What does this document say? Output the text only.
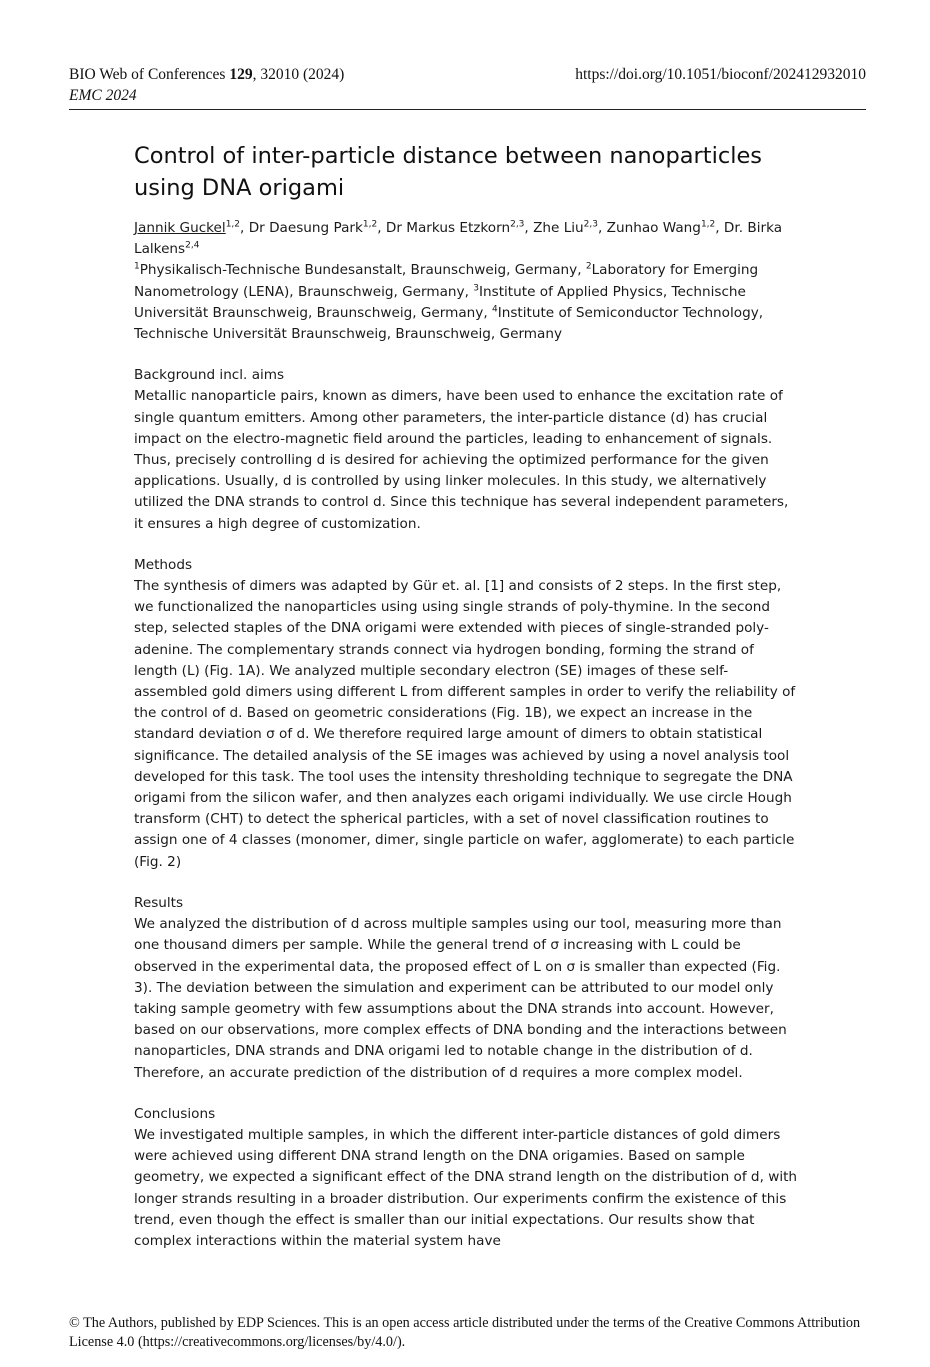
BIO Web of Conferences 129, 32010 (2024)	https://doi.org/10.1051/bioconf/202412932010
EMC 2024
Control of inter-particle distance between nanoparticles using DNA origami

Jannik Guckel$^{1,2}$, Dr Daesung Park$^{1,2}$, Dr Markus Etzkorn$^{2,3}$, Zhe Liu$^{2,3}$, Zunhao Wang$^{1,2}$, Dr. Birka Lalkens$^{2,4}$

$^1$Physikalisch-Technische Bundesanstalt, Braunschweig, Germany, $^2$Laboratory for Emerging Nanometrology (LENA), Braunschweig, Germany, $^3$Institute of Applied Physics, Technische Universität Braunschweig, Braunschweig, Germany, $^4$Institute of Semiconductor Technology, Technische Universität Braunschweig, Braunschweig, Germany

Background incl. aims

Metallic nanoparticle pairs, known as dimers, have been used to enhance the excitation rate of single quantum emitters. Among other parameters, the inter-particle distance (d) has crucial impact on the electro-magnetic field around the particles, leading to enhancement of signals. Thus, precisely controlling d is desired for achieving the optimized performance for the given applications. Usually, d is controlled by using linker molecules. In this study, we alternatively utilized the DNA strands to control d. Since this technique has several independent parameters, it ensures a high degree of customization.

Methods

The synthesis of dimers was adapted by Gür et. al. [1] and consists of 2 steps. In the first step, we functionalized the nanoparticles using using single strands of poly-thymine. In the second step, selected staples of the DNA origami were extended with pieces of single-stranded poly-adenine. The complementary strands connect via hydrogen bonding, forming the strand of length (L) (Fig. 1A). We analyzed multiple secondary electron (SE) images of these self-assembled gold dimers using different L from different samples in order to verify the reliability of the control of d. Based on geometric considerations (Fig. 1B), we expect an increase in the standard deviation σ of d. We therefore required large amount of dimers to obtain statistical significance. The detailed analysis of the SE images was achieved by using a novel analysis tool developed for this task. The tool uses the intensity thresholding technique to segregate the DNA origami from the silicon wafer, and then analyzes each origami individually. We use circle Hough transform (CHT) to detect the spherical particles, with a set of novel classification routines to assign one of 4 classes (monomer, dimer, single particle on wafer, agglomerate) to each particle (Fig. 2)

Results

We analyzed the distribution of d across multiple samples using our tool, measuring more than one thousand dimers per sample. While the general trend of σ increasing with L could be observed in the experimental data, the proposed effect of L on σ is smaller than expected (Fig. 3). The deviation between the simulation and experiment can be attributed to our model only taking sample geometry with few assumptions about the DNA strands into account. However, based on our observations, more complex effects of DNA bonding and the interactions between nanoparticles, DNA strands and DNA origami led to notable change in the distribution of d. Therefore, an accurate prediction of the distribution of d requires a more complex model.

Conclusions

We investigated multiple samples, in which the different inter-particle distances of gold dimers were achieved using different DNA strand length on the DNA origamies. Based on sample geometry, we expected a significant effect of the DNA strand length on the distribution of d, with longer strands resulting in a broader distribution. Our experiments confirm the existence of this trend, even though the effect is smaller than our initial expectations. Our results show that complex interactions within the material system have

© The Authors, published by EDP Sciences. This is an open access article distributed under the terms of the Creative Commons Attribution License 4.0 (https://creativecommons.org/licenses/by/4.0/).
